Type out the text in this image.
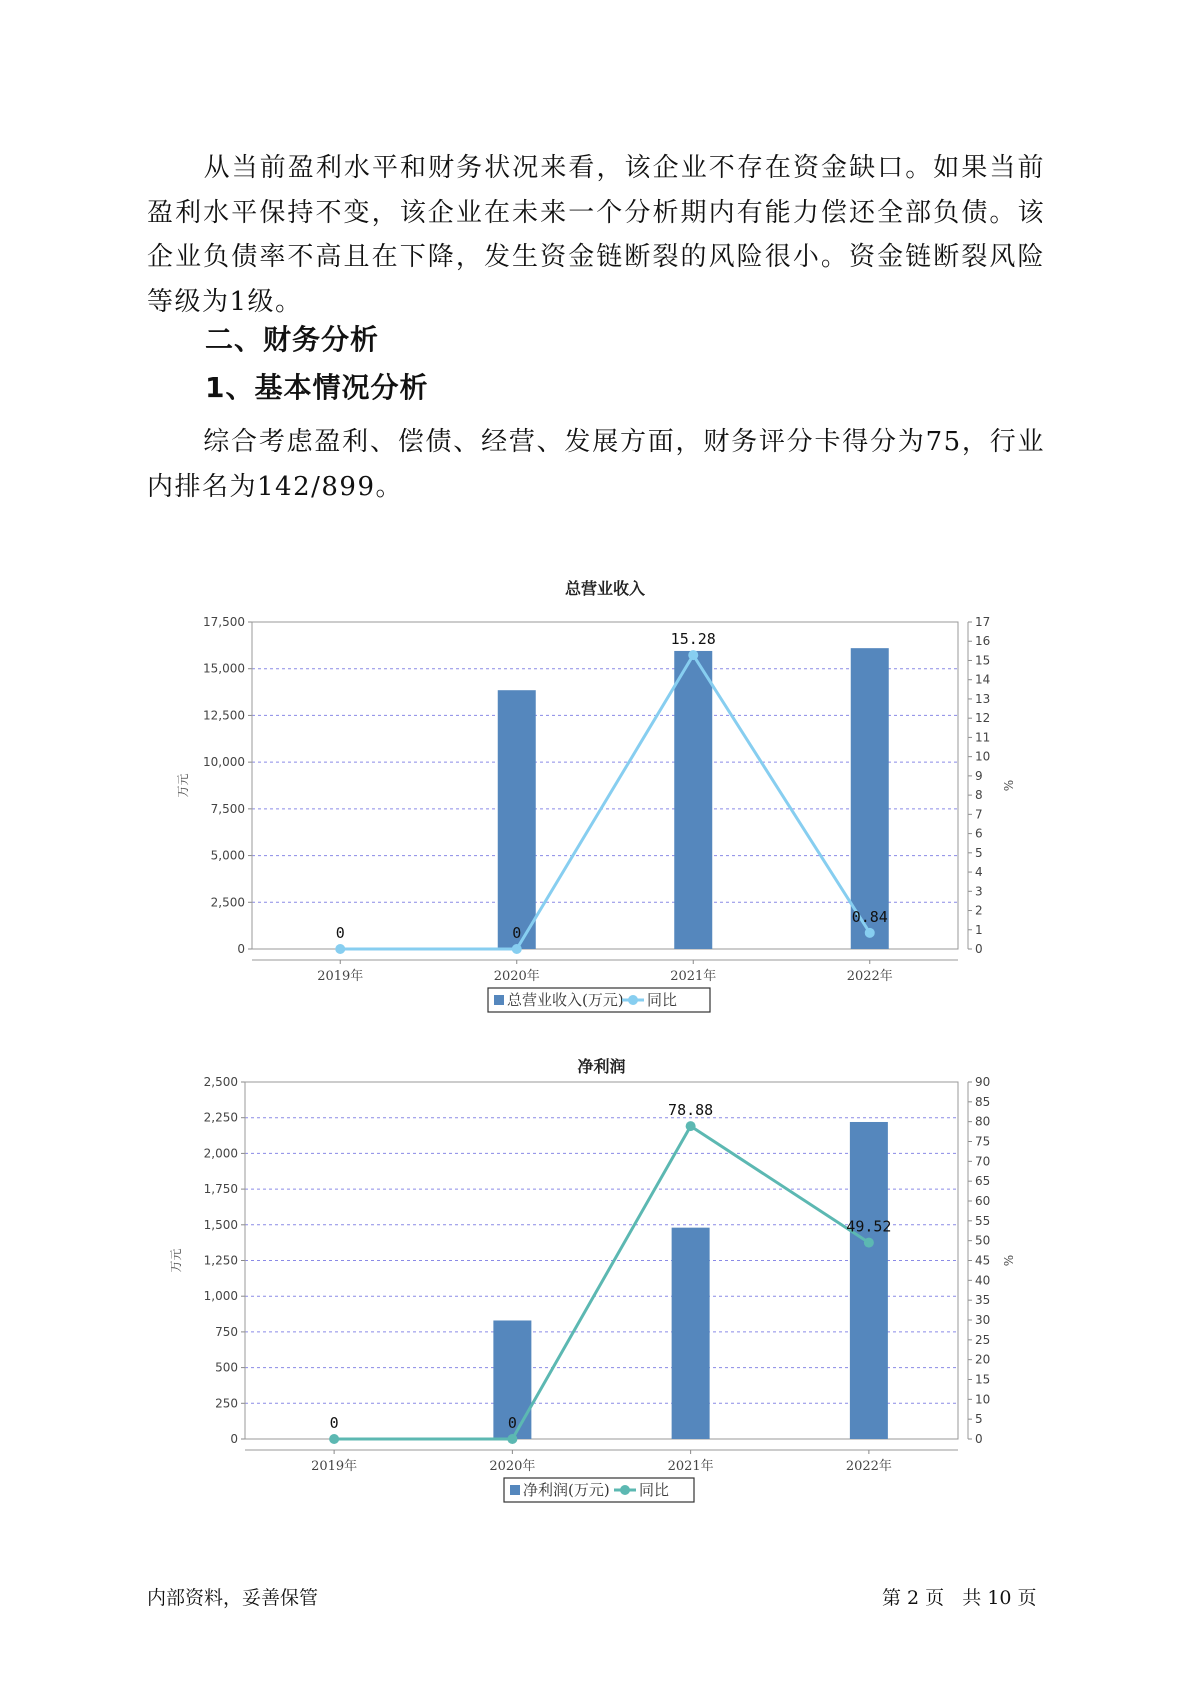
从当前盈利水平和财务状况来看，该企业不存在资金缺口。如果当前盈利水平保持不变，该企业在未来一个分析期内有能力偿还全部负债。该企业负债率不高且在下降，发生资金链断裂的风险很小。资金链断裂风险等级为1级。

二、财务分析
1、基本情况分析

综合考虑盈利、偿债、经营、发展方面，财务评分卡得分为75，行业内排名为142/899。

总营业收入
0
2,500
5,000
7,500
10,000
12,500
15,000
17,500
0
1
2
3
4
5
6
7
8
9
10
11
12
13
14
15
16
17
万元	%
2019年	2020年	2021年	2022年
0	0
15.28
0.84
总营业收入(万元) 同比
净利润
0
250
500
750
1,000
1,250
1,500
1,750
2,000
2,250
2,500
0
5
10
15
20
25
30
35
40
45
50
55
60
65
70
75
80
85
90
万元	%
2019年	2020年	2021年	2022年
0	0
78.88
49.52
净利润(万元) 同比
内部资料，妥善保管	第 2 页   共 10 页
